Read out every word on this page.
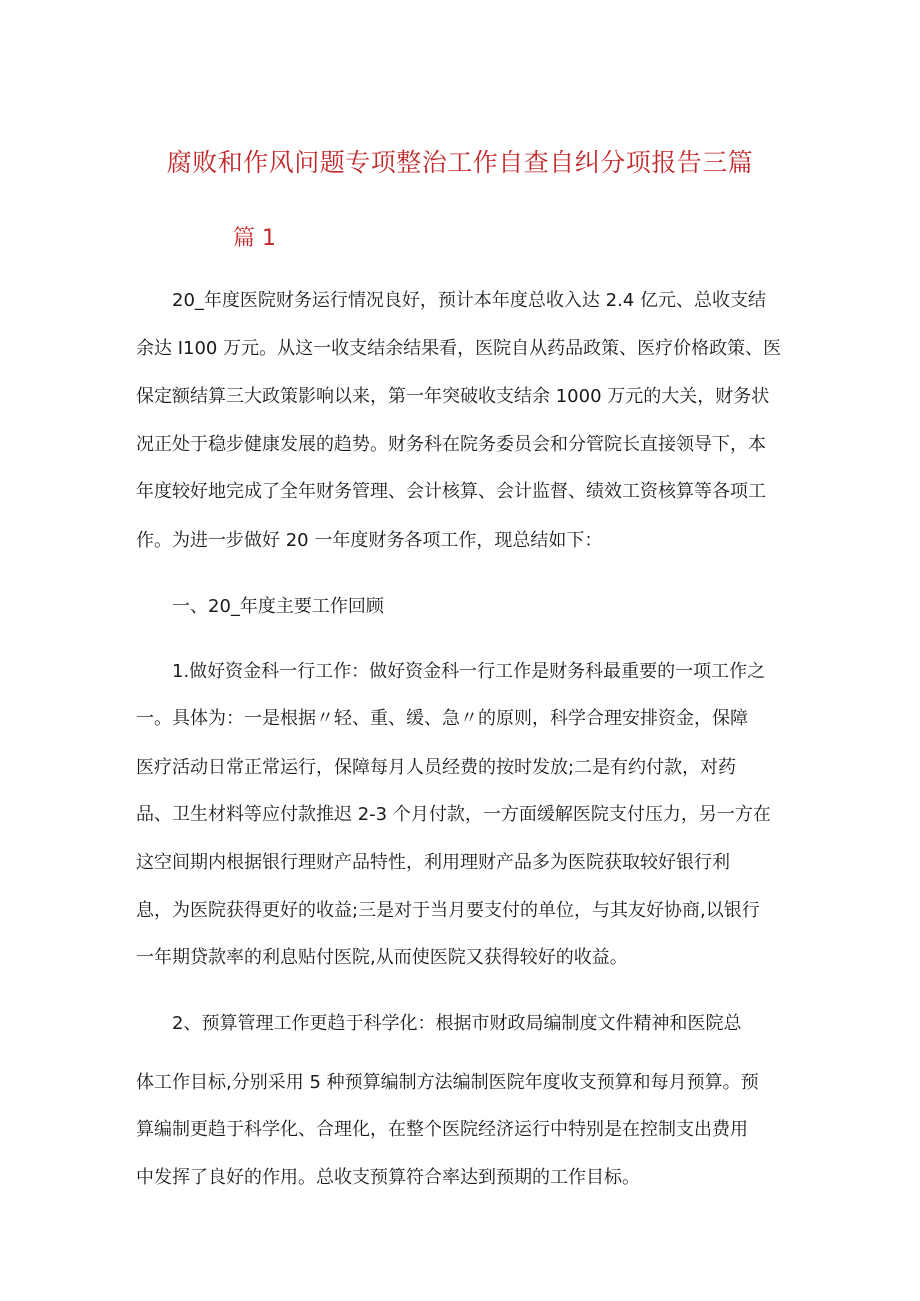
腐败和作风问题专项整治工作自查自纠分项报告三篇
篇 1
20_年度医院财务运行情况良好，预计本年度总收入达 2.4 亿元、总收支结
余达 I100 万元。从这一收支结余结果看，医院自从药品政策、医疗价格政策、医
保定额结算三大政策影响以来，第一年突破收支结余 1000 万元的大关，财务状
况正处于稳步健康发展的趋势。财务科在院务委员会和分管院长直接领导下，本
年度较好地完成了全年财务管理、会计核算、会计监督、绩效工资核算等各项工
作。为进一步做好 20 一年度财务各项工作，现总结如下：
一、20_年度主要工作回顾
1.做好资金科一行工作：做好资金科一行工作是财务科最重要的一项工作之
一。具体为：一是根据〃轻、重、缓、急〃的原则，科学合理安排资金，保障
医疗活动日常正常运行，保障每月人员经费的按时发放;二是有约付款，对药
品、卫生材料等应付款推迟 2-3 个月付款，一方面缓解医院支付压力，另一方在
这空间期内根据银行理财产品特性，利用理财产品多为医院获取较好银行利
息，为医院获得更好的收益;三是对于当月要支付的单位，与其友好协商,以银行
一年期贷款率的利息贴付医院,从而使医院又获得较好的收益。
2、预算管理工作更趋于科学化：根据市财政局编制度文件精神和医院总
体工作目标,分别采用 5 种预算编制方法编制医院年度收支预算和每月预算。预
算编制更趋于科学化、合理化，在整个医院经济运行中特别是在控制支出费用
中发挥了良好的作用。总收支预算符合率达到预期的工作目标。
